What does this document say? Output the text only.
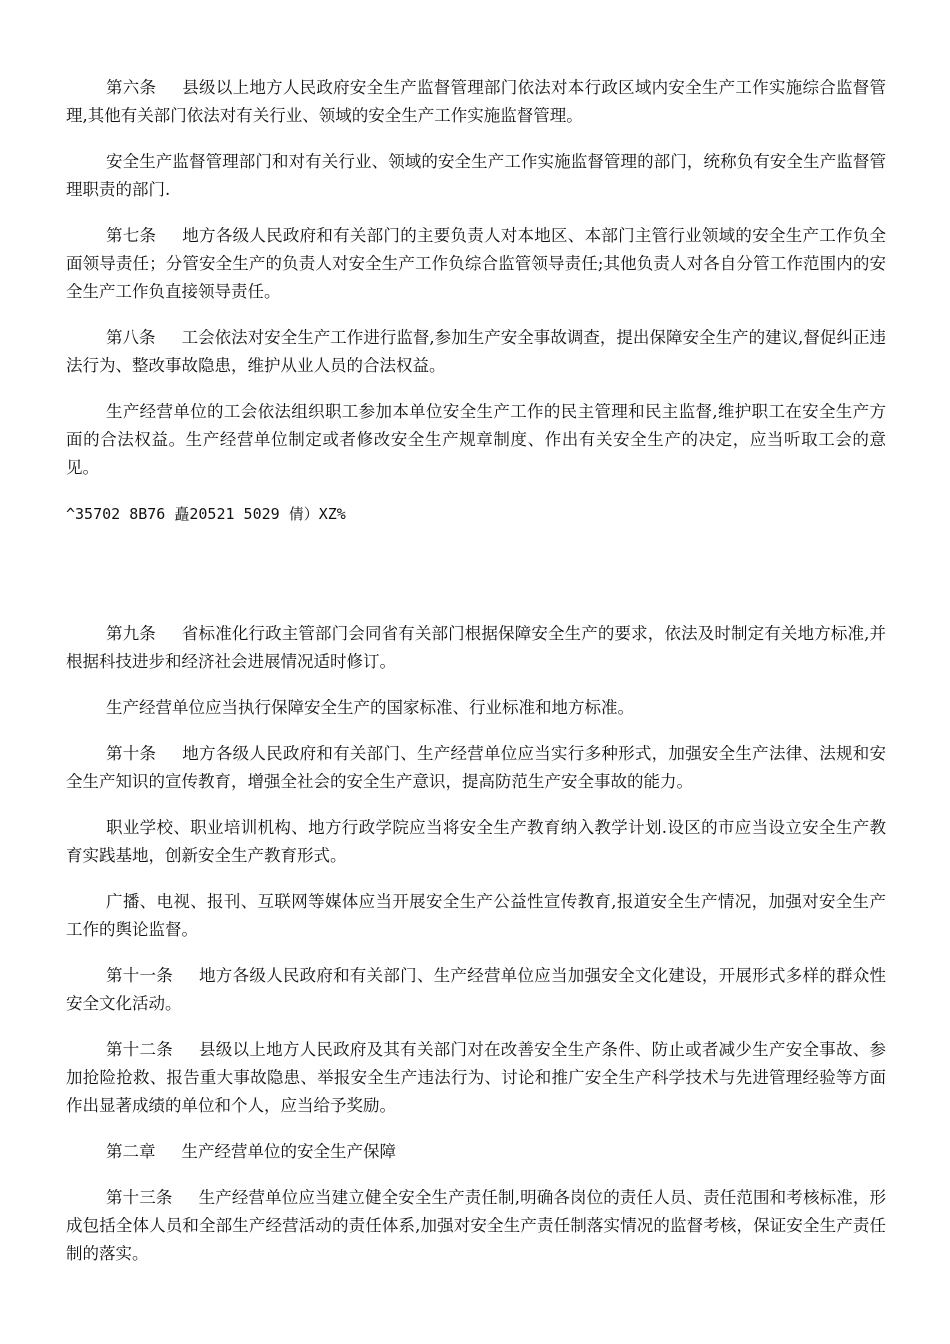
第六条 县级以上地方人民政府安全生产监督管理部门依法对本行政区域内安全生产工作实施综合监督管理,其他有关部门依法对有关行业、领域的安全生产工作实施监督管理。

安全生产监督管理部门和对有关行业、领域的安全生产工作实施监督管理的部门，统称负有安全生产监督管理职责的部门.

第七条 地方各级人民政府和有关部门的主要负责人对本地区、本部门主管行业领域的安全生产工作负全面领导责任；分管安全生产的负责人对安全生产工作负综合监管领导责任;其他负责人对各自分管工作范围内的安全生产工作负直接领导责任。

第八条 工会依法对安全生产工作进行监督,参加生产安全事故调查，提出保障安全生产的建议,督促纠正违法行为、整改事故隐患，维护从业人员的合法权益。

生产经营单位的工会依法组织职工参加本单位安全生产工作的民主管理和民主监督,维护职工在安全生产方面的合法权益。生产经营单位制定或者修改安全生产规章制度、作出有关安全生产的决定，应当听取工会的意见。

^35702 8B76 矗20521 5029 倩）XZ%

第九条 省标准化行政主管部门会同省有关部门根据保障安全生产的要求，依法及时制定有关地方标准,并根据科技进步和经济社会进展情况适时修订。

生产经营单位应当执行保障安全生产的国家标准、行业标准和地方标准。

第十条 地方各级人民政府和有关部门、生产经营单位应当实行多种形式，加强安全生产法律、法规和安全生产知识的宣传教育，增强全社会的安全生产意识，提高防范生产安全事故的能力。

职业学校、职业培训机构、地方行政学院应当将安全生产教育纳入教学计划.设区的市应当设立安全生产教育实践基地，创新安全生产教育形式。

广播、电视、报刊、互联网等媒体应当开展安全生产公益性宣传教育,报道安全生产情况，加强对安全生产工作的舆论监督。

第十一条 地方各级人民政府和有关部门、生产经营单位应当加强安全文化建设，开展形式多样的群众性安全文化活动。

第十二条 县级以上地方人民政府及其有关部门对在改善安全生产条件、防止或者减少生产安全事故、参加抢险抢救、报告重大事故隐患、举报安全生产违法行为、讨论和推广安全生产科学技术与先进管理经验等方面作出显著成绩的单位和个人，应当给予奖励。

第二章 生产经营单位的安全生产保障

第十三条 生产经营单位应当建立健全安全生产责任制,明确各岗位的责任人员、责任范围和考核标准，形成包括全体人员和全部生产经营活动的责任体系,加强对安全生产责任制落实情况的监督考核，保证安全生产责任制的落实。
